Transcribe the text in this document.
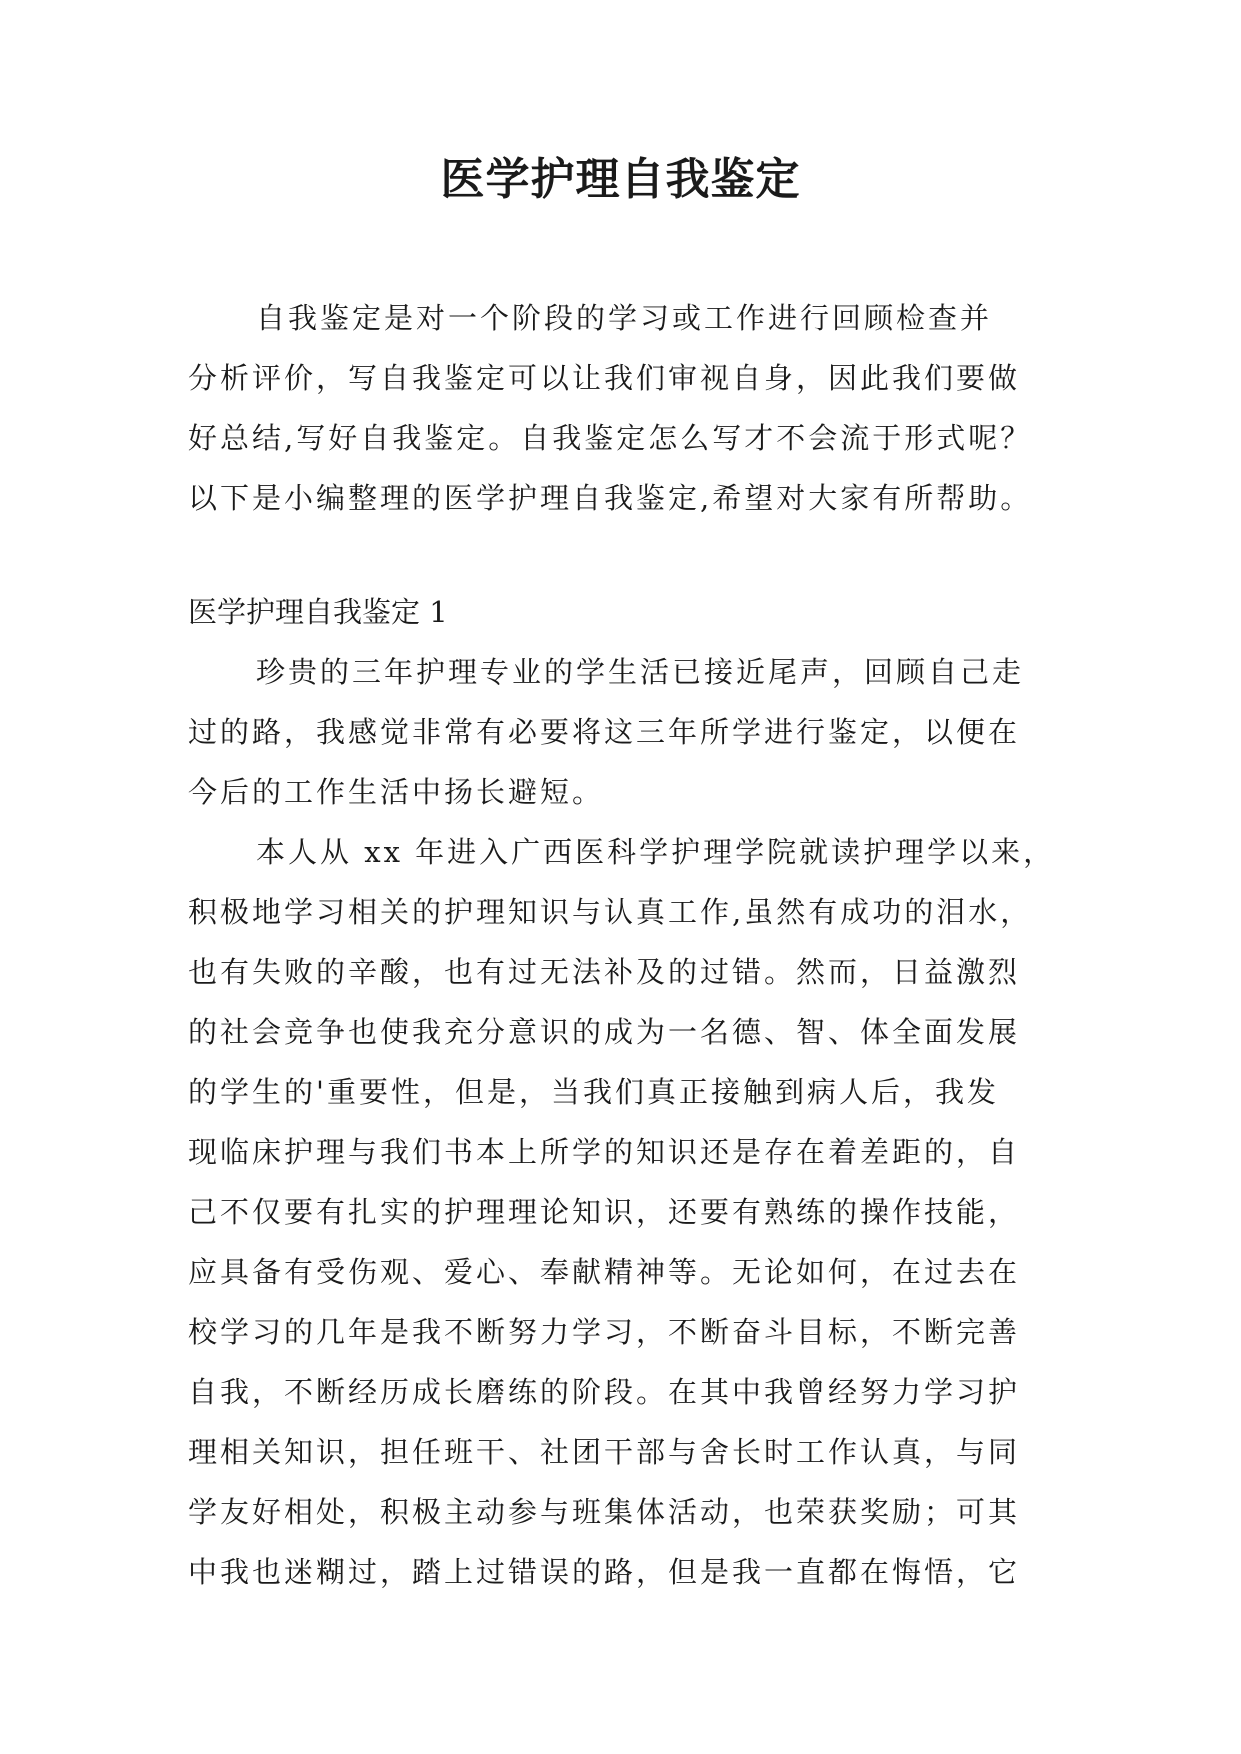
医学护理自我鉴定
自我鉴定是对一个阶段的学习或工作进行回顾检查并
分析评价，写自我鉴定可以让我们审视自身，因此我们要做
好总结,写好自我鉴定。自我鉴定怎么写才不会流于形式呢？
以下是小编整理的医学护理自我鉴定,希望对大家有所帮助。
医学护理自我鉴定 1
珍贵的三年护理专业的学生活已接近尾声，回顾自己走
过的路，我感觉非常有必要将这三年所学进行鉴定，以便在
今后的工作生活中扬长避短。
本人从 xx 年进入广西医科学护理学院就读护理学以来，
积极地学习相关的护理知识与认真工作,虽然有成功的泪水，
也有失败的辛酸，也有过无法补及的过错。然而，日益激烈
的社会竞争也使我充分意识的成为一名德、智、体全面发展
的学生的'重要性，但是，当我们真正接触到病人后，我发
现临床护理与我们书本上所学的知识还是存在着差距的，自
己不仅要有扎实的护理理论知识，还要有熟练的操作技能，
应具备有受伤观、爱心、奉献精神等。无论如何，在过去在
校学习的几年是我不断努力学习，不断奋斗目标，不断完善
自我，不断经历成长磨练的阶段。在其中我曾经努力学习护
理相关知识，担任班干、社团干部与舍长时工作认真，与同
学友好相处，积极主动参与班集体活动，也荣获奖励；可其
中我也迷糊过，踏上过错误的路，但是我一直都在悔悟，它
